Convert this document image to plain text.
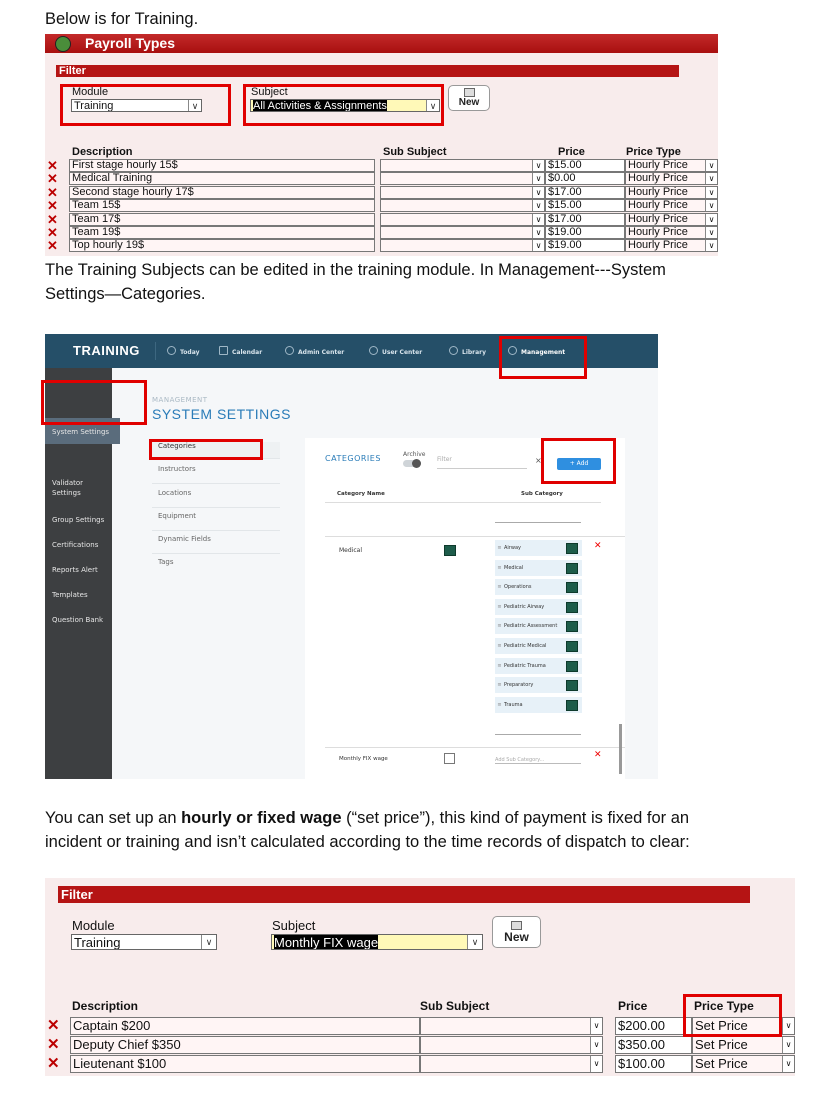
Below is for Training.
Payroll Types
Filter
Module
Training	∨
Subject
All Activities & Assignments	∨	New
Description	Sub Subject	Price	Price Type
✕ First stage hourly 15$	∨ $15.00	Hourly Price	∨
✕ Medical Training	∨ $0.00	Hourly Price	∨
✕ Second stage hourly 17$	∨ $17.00	Hourly Price	∨
✕ Team 15$	∨ $15.00	Hourly Price	∨
✕ Team 17$	∨ $17.00	Hourly Price	∨
✕ Team 19$	∨ $19.00	Hourly Price	∨
✕ Top hourly 19$	∨ $19.00	Hourly Price	∨
The Training Subjects can be edited in the training module. In Management---System
Settings—Categories.
TRAINING	Today	Calendar	Admin Center	User Center	Library	Management
System Settings
Validator Settings
Group Settings
Certifications
Reports Alert
Templates
Question Bank
MANAGEMENT
SYSTEM SETTINGS
Categories
Instructors
Locations
Equipment
Dynamic Fields
Tags
CATEGORIES	Archive
Filter	×	+ Add
Category Name	Sub Category
Medical	≡ Airway
≡ Medical
≡ Operations
≡ Pediatric Airway
≡ Pediatric Assessment
≡ Pediatric Medical
≡ Pediatric Trauma
≡ Preparatory
≡ Trauma
✕
Monthly FIX wage	Add Sub Category...	✕
You can set up an hourly or fixed wage (“set price”), this kind of payment is fixed for an
incident or training and isn’t calculated according to the time records of dispatch to clear:
Filter
Module
Training	∨
Subject
Monthly FIX wage	∨	New
Description	Sub Subject	Price	Price Type
✕ Captain $200	∨ $200.00	Set Price	∨
✕ Deputy Chief $350	∨ $350.00	Set Price	∨
✕ Lieutenant $100	∨ $100.00	Set Price	∨
